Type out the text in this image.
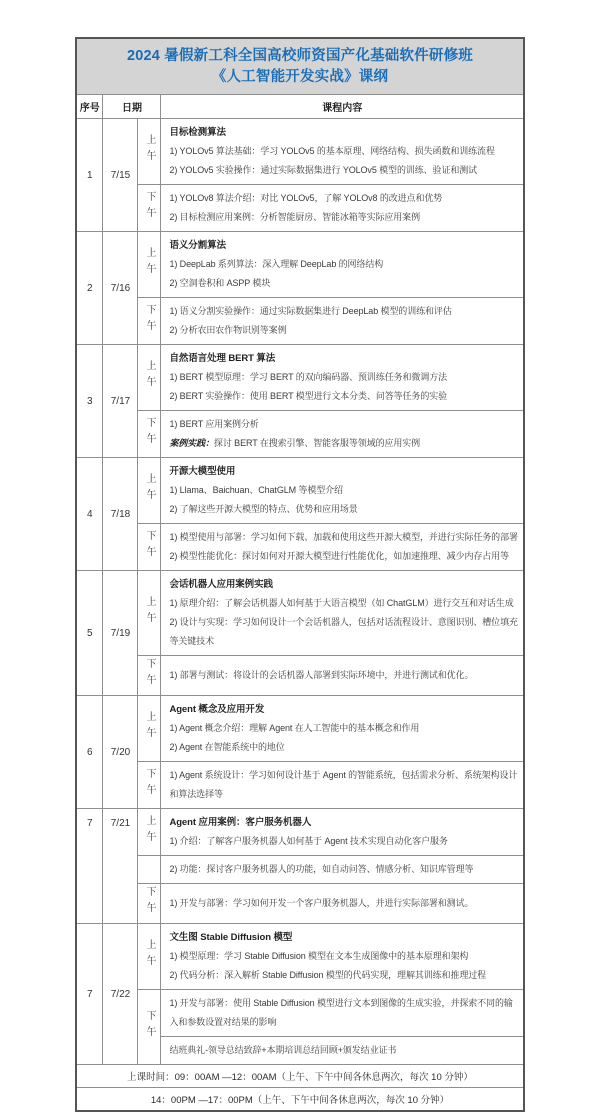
2024 暑假新工科全国高校师资国产化基础软件研修班
《人工智能开发实战》课纲			

序号	日期		课程内容
1	7/15	上午	目标检测算法
1) YOLOv5 算法基础：学习 YOLOv5 的基本原理、网络结构、损失函数和训练流程
2) YOLOv5 实验操作：通过实际数据集进行 YOLOv5 模型的训练、验证和测试

		下午	1) YOLOv8 算法介绍：对比 YOLOv5，了解 YOLOv8 的改进点和优势
2) 目标检测应用案例：分析智能厨房、智能冰箱等实际应用案例

2	7/16	上午	语义分割算法
1) DeepLab 系列算法：深入理解 DeepLab 的网络结构
2) 空洞卷积和 ASPP 模块

		下午	1) 语义分割实验操作：通过实际数据集进行 DeepLab 模型的训练和评估
2) 分析农田农作物识别等案例

3	7/17	上午	自然语言处理 BERT 算法
1) BERT 模型原理：学习 BERT 的双向编码器、预训练任务和微调方法
2) BERT 实验操作：使用 BERT 模型进行文本分类、问答等任务的实验

		下午	1) BERT 应用案例分析
案例实践：探讨 BERT 在搜索引擎、智能客服等领域的应用实例

4	7/18	上午	开源大模型使用
1) Llama、Baichuan、ChatGLM 等模型介绍
2) 了解这些开源大模型的特点、优势和应用场景

		下午	1) 模型使用与部署：学习如何下载、加载和使用这些开源大模型，并进行实际任务的部署
2) 模型性能优化：探讨如何对开源大模型进行性能优化，如加速推理、减少内存占用等

5	7/19	上午	会话机器人应用案例实践
1) 原理介绍：了解会话机器人如何基于大语言模型（如 ChatGLM）进行交互和对话生成
2) 设计与实现：学习如何设计一个会话机器人，包括对话流程设计、意图识别、槽位填充等关键技术

		下午	1) 部署与测试：将设计的会话机器人部署到实际环境中，并进行测试和优化。

6	7/20	上午	Agent 概念及应用开发
1) Agent 概念介绍：理解 Agent 在人工智能中的基本概念和作用
2) Agent 在智能系统中的地位

		下午	1) Agent 系统设计：学习如何设计基于 Agent 的智能系统，包括需求分析、系统架构设计和算法选择等

7	7/21	上午	Agent 应用案例：客户服务机器人
1) 介绍：了解客户服务机器人如何基于 Agent 技术实现自动化客户服务

			2) 功能：探讨客户服务机器人的功能，如自动问答、情感分析、知识库管理等

		下午	1) 开发与部署：学习如何开发一个客户服务机器人，并进行实际部署和测试。

7	7/22	上午	文生图 Stable Diffusion 模型
1) 模型原理：学习 Stable Diffusion 模型在文本生成图像中的基本原理和架构
2) 代码分析：深入解析 Stable Diffusion 模型的代码实现，理解其训练和推理过程

		下午	1) 开发与部署：使用 Stable Diffusion 模型进行文本到图像的生成实验，并探索不同的输入和参数设置对结果的影响

			结班典礼-领导总结致辞+本期培训总结回顾+颁发结业证书

上课时间：09：00AM —12：00AM（上午、下午中间各休息两次，每次 10 分钟）			
14：00PM —17：00PM（上午、下午中间各休息两次，每次 10 分钟）			
